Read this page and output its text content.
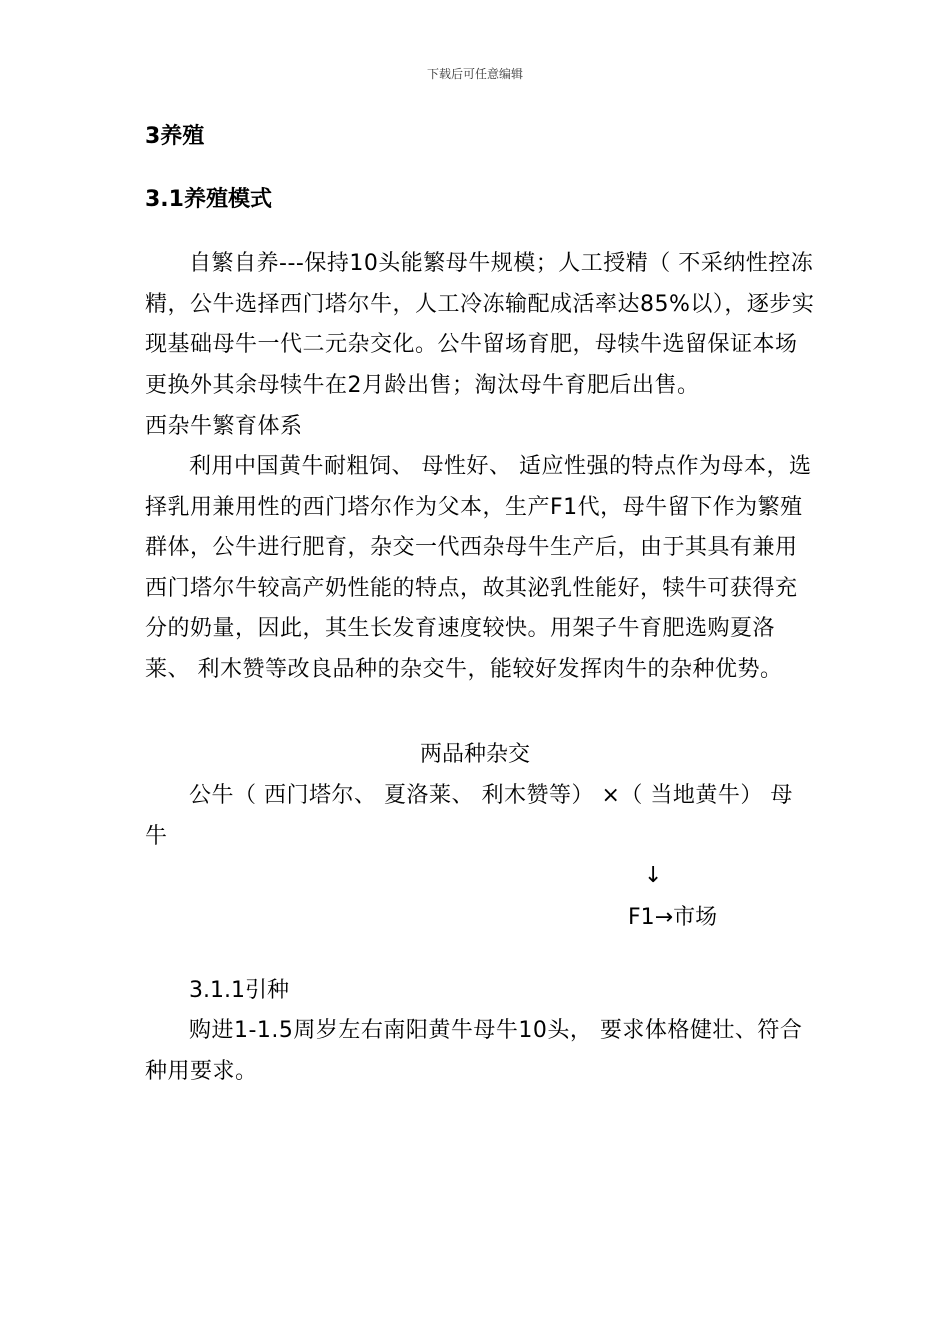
下载后可任意编辑
3养殖
3.1养殖模式
自繁自养---保持10头能繁母牛规模；人工授精（ 不采纳性控冻精，公牛选择西门塔尔牛，人工冷冻输配成活率达85%以），逐步实现基础母牛一代二元杂交化。公牛留场育肥，母犊牛选留保证本场更换外其余母犊牛在2月龄出售；淘汰母牛育肥后出售。
西杂牛繁育体系
利用中国黄牛耐粗饲、 母性好、 适应性强的特点作为母本，选择乳用兼用性的西门塔尔作为父本，生产F1代，母牛留下作为繁殖群体，公牛进行肥育，杂交一代西杂母牛生产后，由于其具有兼用西门塔尔牛较高产奶性能的特点，故其泌乳性能好，犊牛可获得充分的奶量，因此，其生长发育速度较快。用架子牛育肥选购夏洛莱、 利木赞等改良品种的杂交牛，能较好发挥肉牛的杂种优势。
两品种杂交
公牛（ 西门塔尔、 夏洛莱、 利木赞等） ×（ 当地黄牛） 母牛
↓
F1→市场
3.1.1引种
购进1-1.5周岁左右南阳黄牛母牛10头， 要求体格健壮、符合种用要求。
